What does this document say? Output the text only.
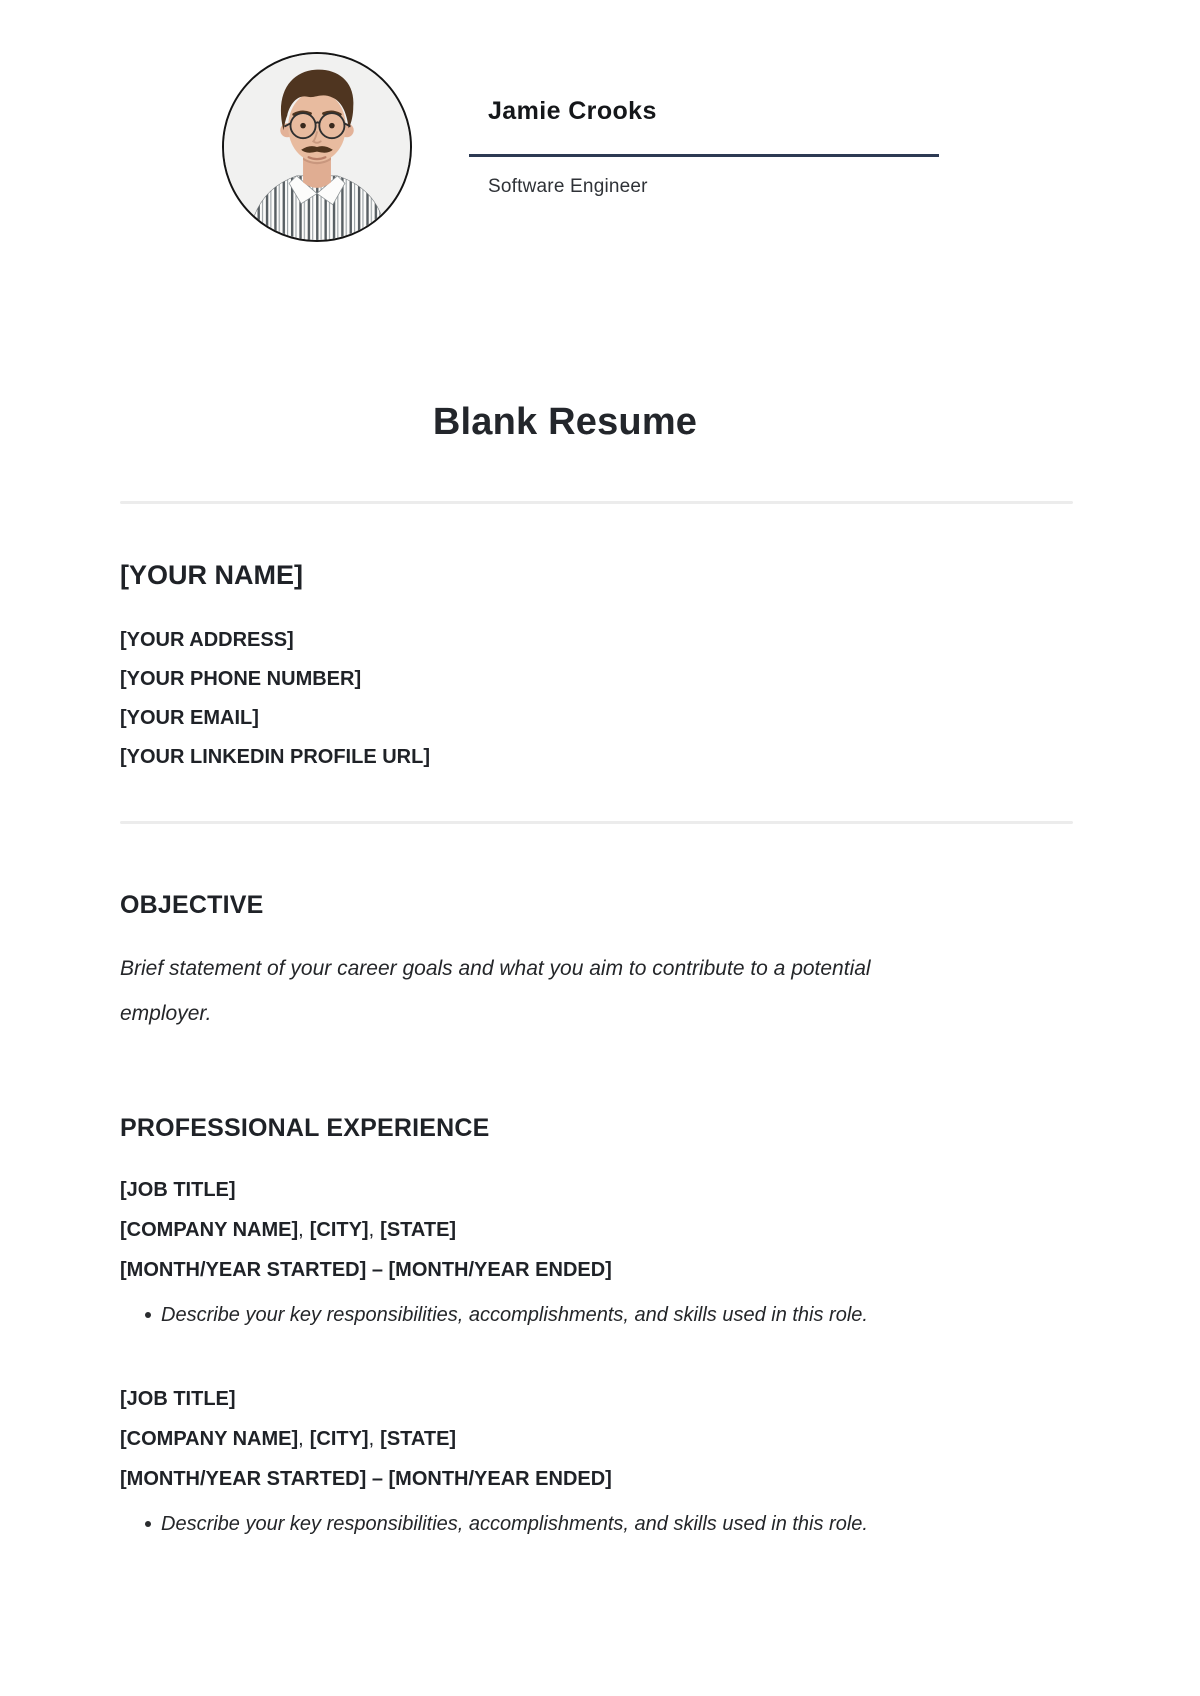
Jamie Crooks
Software Engineer
Blank Resume
[YOUR NAME]
[YOUR ADDRESS]
[YOUR PHONE NUMBER]
[YOUR EMAIL]
[YOUR LINKEDIN PROFILE URL]
OBJECTIVE

Brief statement of your career goals and what you aim to contribute to a potential employer.

PROFESSIONAL EXPERIENCE
[JOB TITLE]
[COMPANY NAME], [CITY], [STATE]
[MONTH/YEAR STARTED] – [MONTH/YEAR ENDED]
Describe your key responsibilities, accomplishments, and skills used in this role.
[JOB TITLE]
[COMPANY NAME], [CITY], [STATE]
[MONTH/YEAR STARTED] – [MONTH/YEAR ENDED]
Describe your key responsibilities, accomplishments, and skills used in this role.
